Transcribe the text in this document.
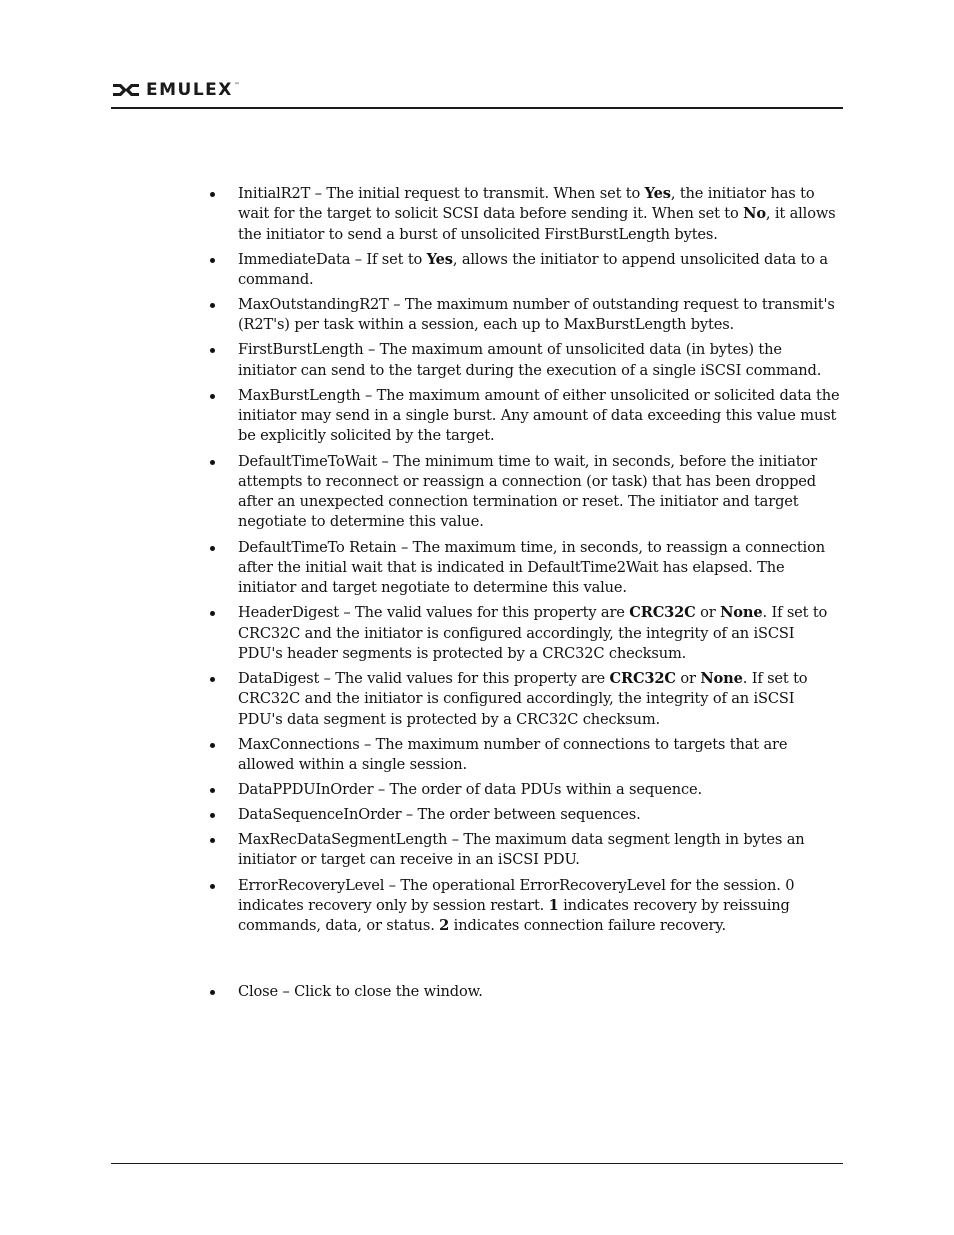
EMULEX ™
InitialR2T – The initial request to transmit. When set to Yes, the initiator has to wait for the target to solicit SCSI data before sending it. When set to No, it allows the initiator to send a burst of unsolicited FirstBurstLength bytes.
ImmediateData – If set to Yes, allows the initiator to append unsolicited data to a command.
MaxOutstandingR2T – The maximum number of outstanding request to transmit's (R2T's) per task within a session, each up to MaxBurstLength bytes.
FirstBurstLength – The maximum amount of unsolicited data (in bytes) the initiator can send to the target during the execution of a single iSCSI command.
MaxBurstLength – The maximum amount of either unsolicited or solicited data the initiator may send in a single burst. Any amount of data exceeding this value must be explicitly solicited by the target.
DefaultTimeToWait – The minimum time to wait, in seconds, before the initiator attempts to reconnect or reassign a connection (or task) that has been dropped after an unexpected connection termination or reset. The initiator and target negotiate to determine this value.
DefaultTimeTo Retain – The maximum time, in seconds, to reassign a connection after the initial wait that is indicated in DefaultTime2Wait has elapsed. The initiator and target negotiate to determine this value.
HeaderDigest – The valid values for this property are CRC32C or None. If set to CRC32C and the initiator is configured accordingly, the integrity of an iSCSI PDU's header segments is protected by a CRC32C checksum.
DataDigest – The valid values for this property are CRC32C or None. If set to CRC32C and the initiator is configured accordingly, the integrity of an iSCSI PDU's data segment is protected by a CRC32C checksum.
MaxConnections – The maximum number of connections to targets that are allowed within a single session.
DataPPDUInOrder – The order of data PDUs within a sequence.
DataSequenceInOrder – The order between sequences.
MaxRecDataSegmentLength – The maximum data segment length in bytes an initiator or target can receive in an iSCSI PDU.
ErrorRecoveryLevel – The operational ErrorRecoveryLevel for the session. 0 indicates recovery only by session restart. 1 indicates recovery by reissuing commands, data, or status. 2 indicates connection failure recovery.
Close – Click to close the window.
